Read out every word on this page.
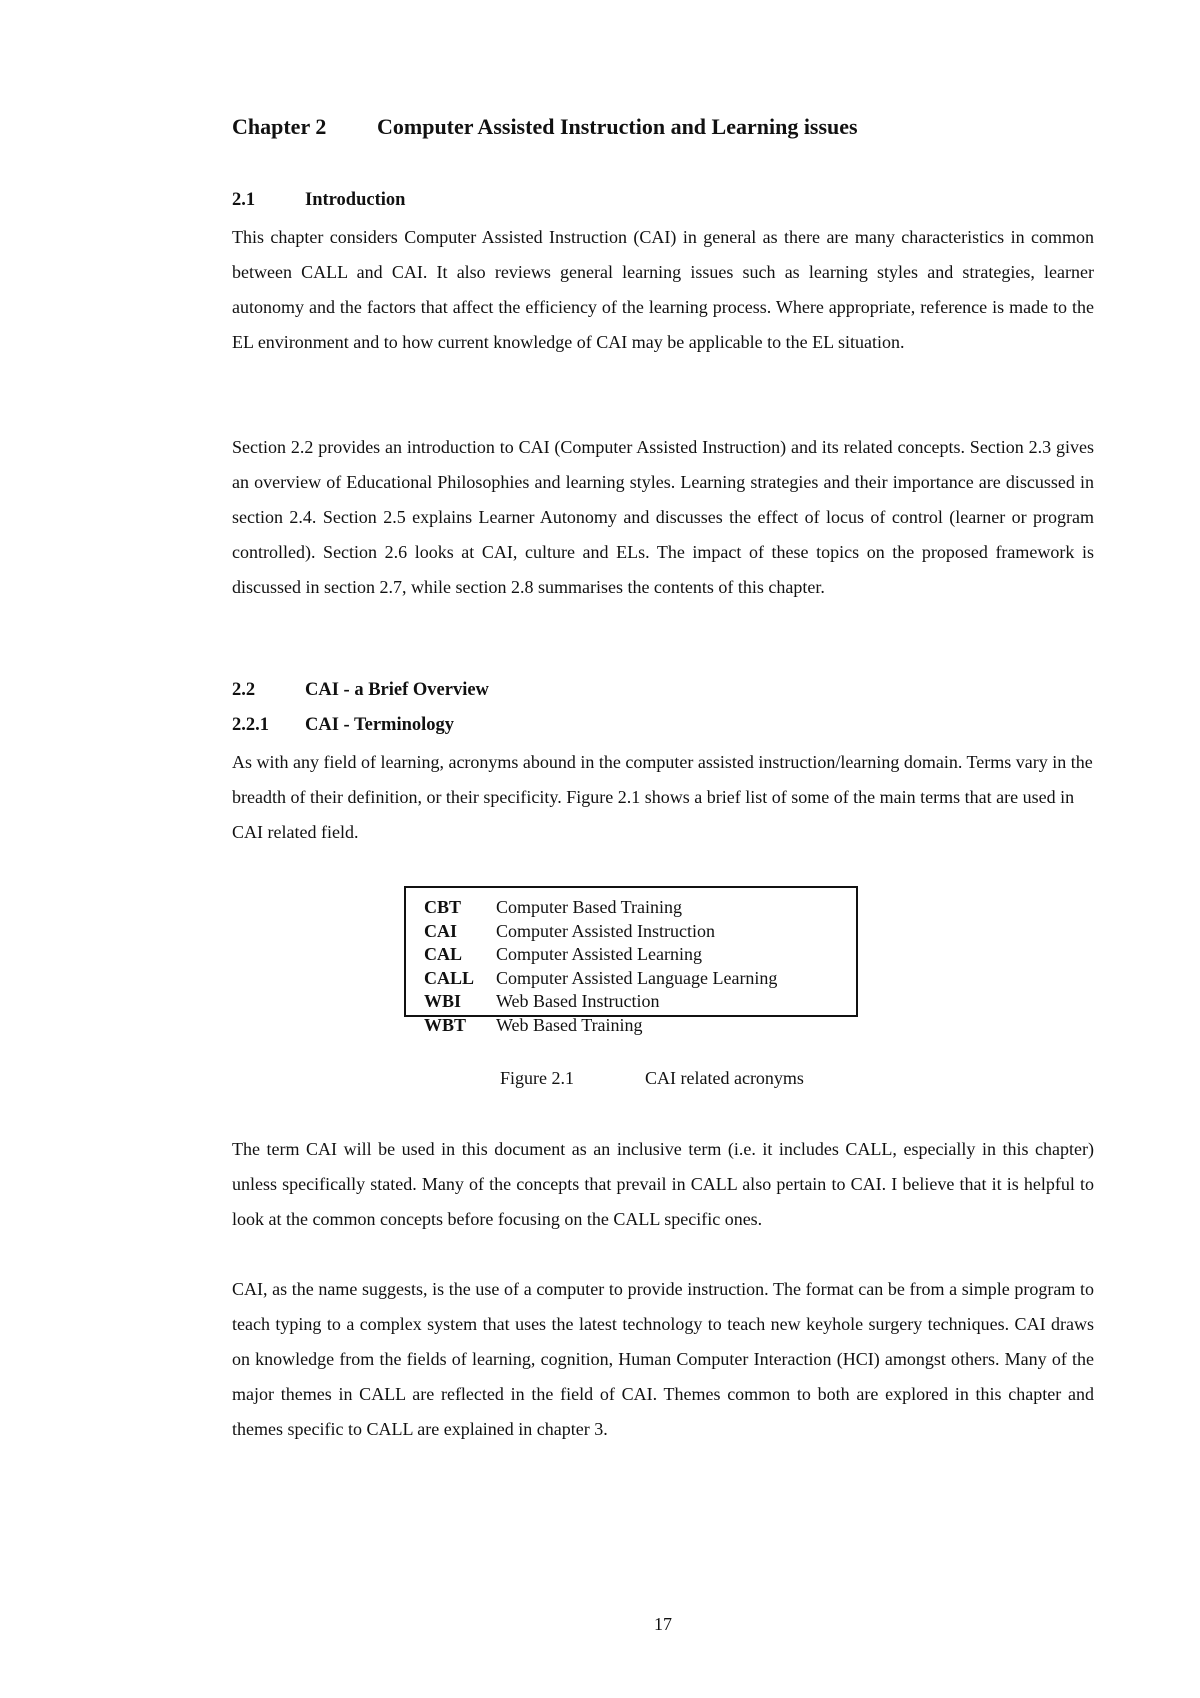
Chapter 2 Computer Assisted Instruction and Learning issues
2.1	Introduction

This chapter considers Computer Assisted Instruction (CAI) in general as there are many characteristics in common between CALL and CAI. It also reviews general learning issues such as learning styles and strategies, learner autonomy and the factors that affect the efficiency of the learning process. Where appropriate, reference is made to the EL environment and to how current knowledge of CAI may be applicable to the EL situation.

Section 2.2 provides an introduction to CAI (Computer Assisted Instruction) and its related concepts. Section 2.3 gives an overview of Educational Philosophies and learning styles. Learning strategies and their importance are discussed in section 2.4. Section 2.5 explains Learner Autonomy and discusses the effect of locus of control (learner or program controlled). Section 2.6 looks at CAI, culture and ELs. The impact of these topics on the proposed framework is discussed in section 2.7, while section 2.8 summarises the contents of this chapter.

2.2	CAI - a Brief Overview
2.2.1 CAI - Terminology

As with any field of learning, acronyms abound in the computer assisted instruction/learning domain. Terms vary in the breadth of their definition, or their specificity. Figure 2.1 shows a brief list of some of the main terms that are used in CAI related field.

CBT	Computer Based Training
CAI	Computer Assisted Instruction
CAL	Computer Assisted Learning
CALL	Computer Assisted Language Learning
WBI	Web Based Instruction
WBT	Web Based Training
Figure 2.1	CAI related acronyms

The term CAI will be used in this document as an inclusive term (i.e. it includes CALL, especially in this chapter) unless specifically stated. Many of the concepts that prevail in CALL also pertain to CAI. I believe that it is helpful to look at the common concepts before focusing on the CALL specific ones.

CAI, as the name suggests, is the use of a computer to provide instruction. The format can be from a simple program to teach typing to a complex system that uses the latest technology to teach new keyhole surgery techniques. CAI draws on knowledge from the fields of learning, cognition, Human Computer Interaction (HCI) amongst others. Many of the major themes in CALL are reflected in the field of CAI. Themes common to both are explored in this chapter and themes specific to CALL are explained in chapter 3.

17
